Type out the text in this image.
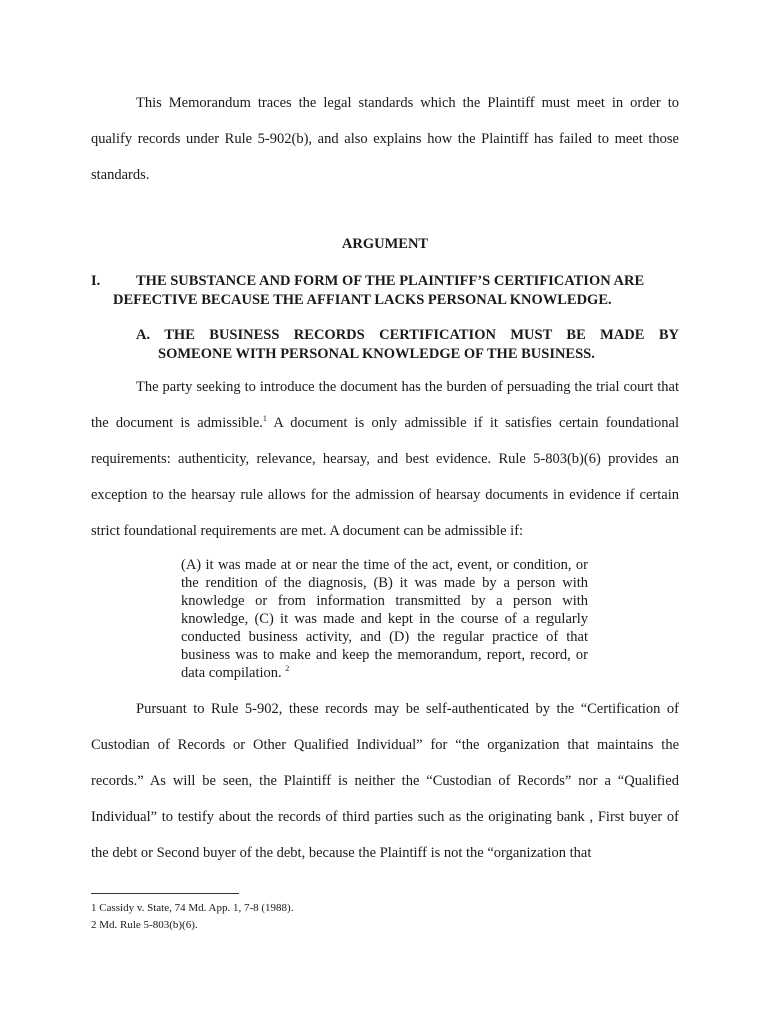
This Memorandum traces the legal standards which the Plaintiff must meet in order to qualify records under Rule 5-902(b), and also explains how the Plaintiff has failed to meet those standards.

ARGUMENT

I.	THE SUBSTANCE AND FORM OF THE PLAINTIFF’S CERTIFICATION ARE
DEFECTIVE BECAUSE THE AFFIANT LACKS PERSONAL KNOWLEDGE.
A. THE BUSINESS RECORDS CERTIFICATION MUST BE MADE BY
SOMEONE WITH PERSONAL KNOWLEDGE OF THE BUSINESS.

The party seeking to introduce the document has the burden of persuading the trial court that the document is admissible.$^1$ A document is only admissible if it satisfies certain foundational requirements: authenticity, relevance, hearsay, and best evidence. Rule 5-803(b)(6) provides an exception to the hearsay rule allows for the admission of hearsay documents in evidence if certain strict foundational requirements are met. A document can be admissible if:

(A) it was made at or near the time of the act, event, or condition, or the rendition of the diagnosis, (B) it was made by a person with knowledge or from information transmitted by a person with knowledge, (C) it was made and kept in the course of a regularly conducted business activity, and (D) the regular practice of that business was to make and keep the memorandum, report, record, or data compilation. $^2$

Pursuant to Rule 5-902, these records may be self-authenticated by the “Certification of Custodian of Records or Other Qualified Individual” for “the organization that maintains the records.” As will be seen, the Plaintiff is neither the “Custodian of Records” nor a “Qualified Individual” to testify about the records of third parties such as the originating bank , First buyer of the debt or Second buyer of the debt, because the Plaintiff is not the “organization that

1 Cassidy v. State, 74 Md. App. 1, 7-8 (1988).

2 Md. Rule 5-803(b)(6).
